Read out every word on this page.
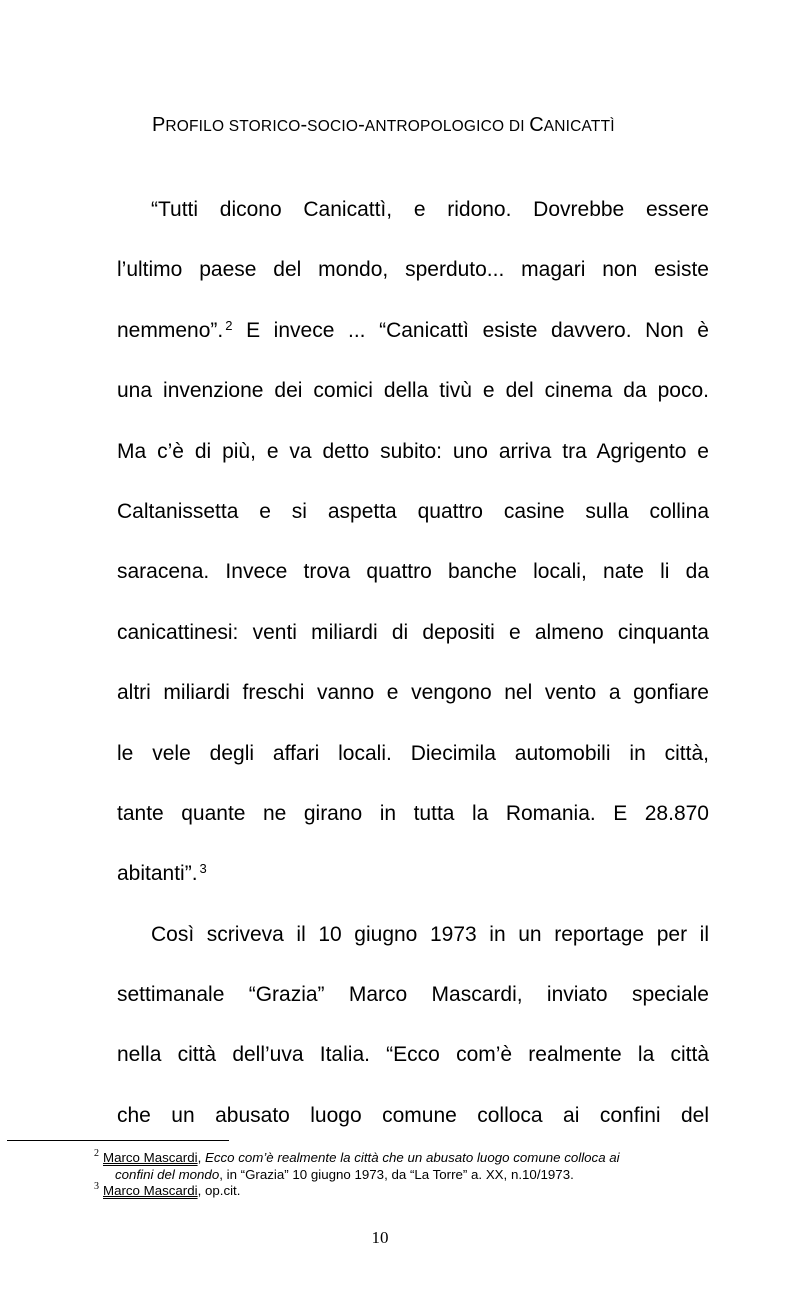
PROFILO STORICO-SOCIO-ANTROPOLOGICO DI CANICATTÌ
“Tutti dicono Canicattì, e ridono. Dovrebbe essere
l’ultimo paese del mondo, sperduto... magari non esiste
nemmeno”. $^2$ E invece ... “Canicattì esiste davvero. Non è
una invenzione dei comici della tivù e del cinema da poco.
Ma c’è di più, e va detto subito: uno arriva tra Agrigento e
Caltanissetta e si aspetta quattro casine sulla collina
saracena. Invece trova quattro banche locali, nate li da
canicattinesi: venti miliardi di depositi e almeno cinquanta
altri miliardi freschi vanno e vengono nel vento a gonfiare
le vele degli affari locali. Diecimila automobili in città,
tante quante ne girano in tutta la Romania. E 28.870
abitanti”. $^3$
Così scriveva il 10 giugno 1973 in un reportage per il
settimanale “Grazia” Marco Mascardi, inviato speciale
nella città dell’uva Italia. “Ecco com’è realmente la città
che un abusato luogo comune colloca ai confini del
2 Marco Mascardi, Ecco com’è realmente la città che un abusato luogo comune colloca ai
confini del mondo, in “Grazia” 10 giugno 1973, da “La Torre” a. XX, n.10/1973.
3 Marco Mascardi, op.cit.
10
